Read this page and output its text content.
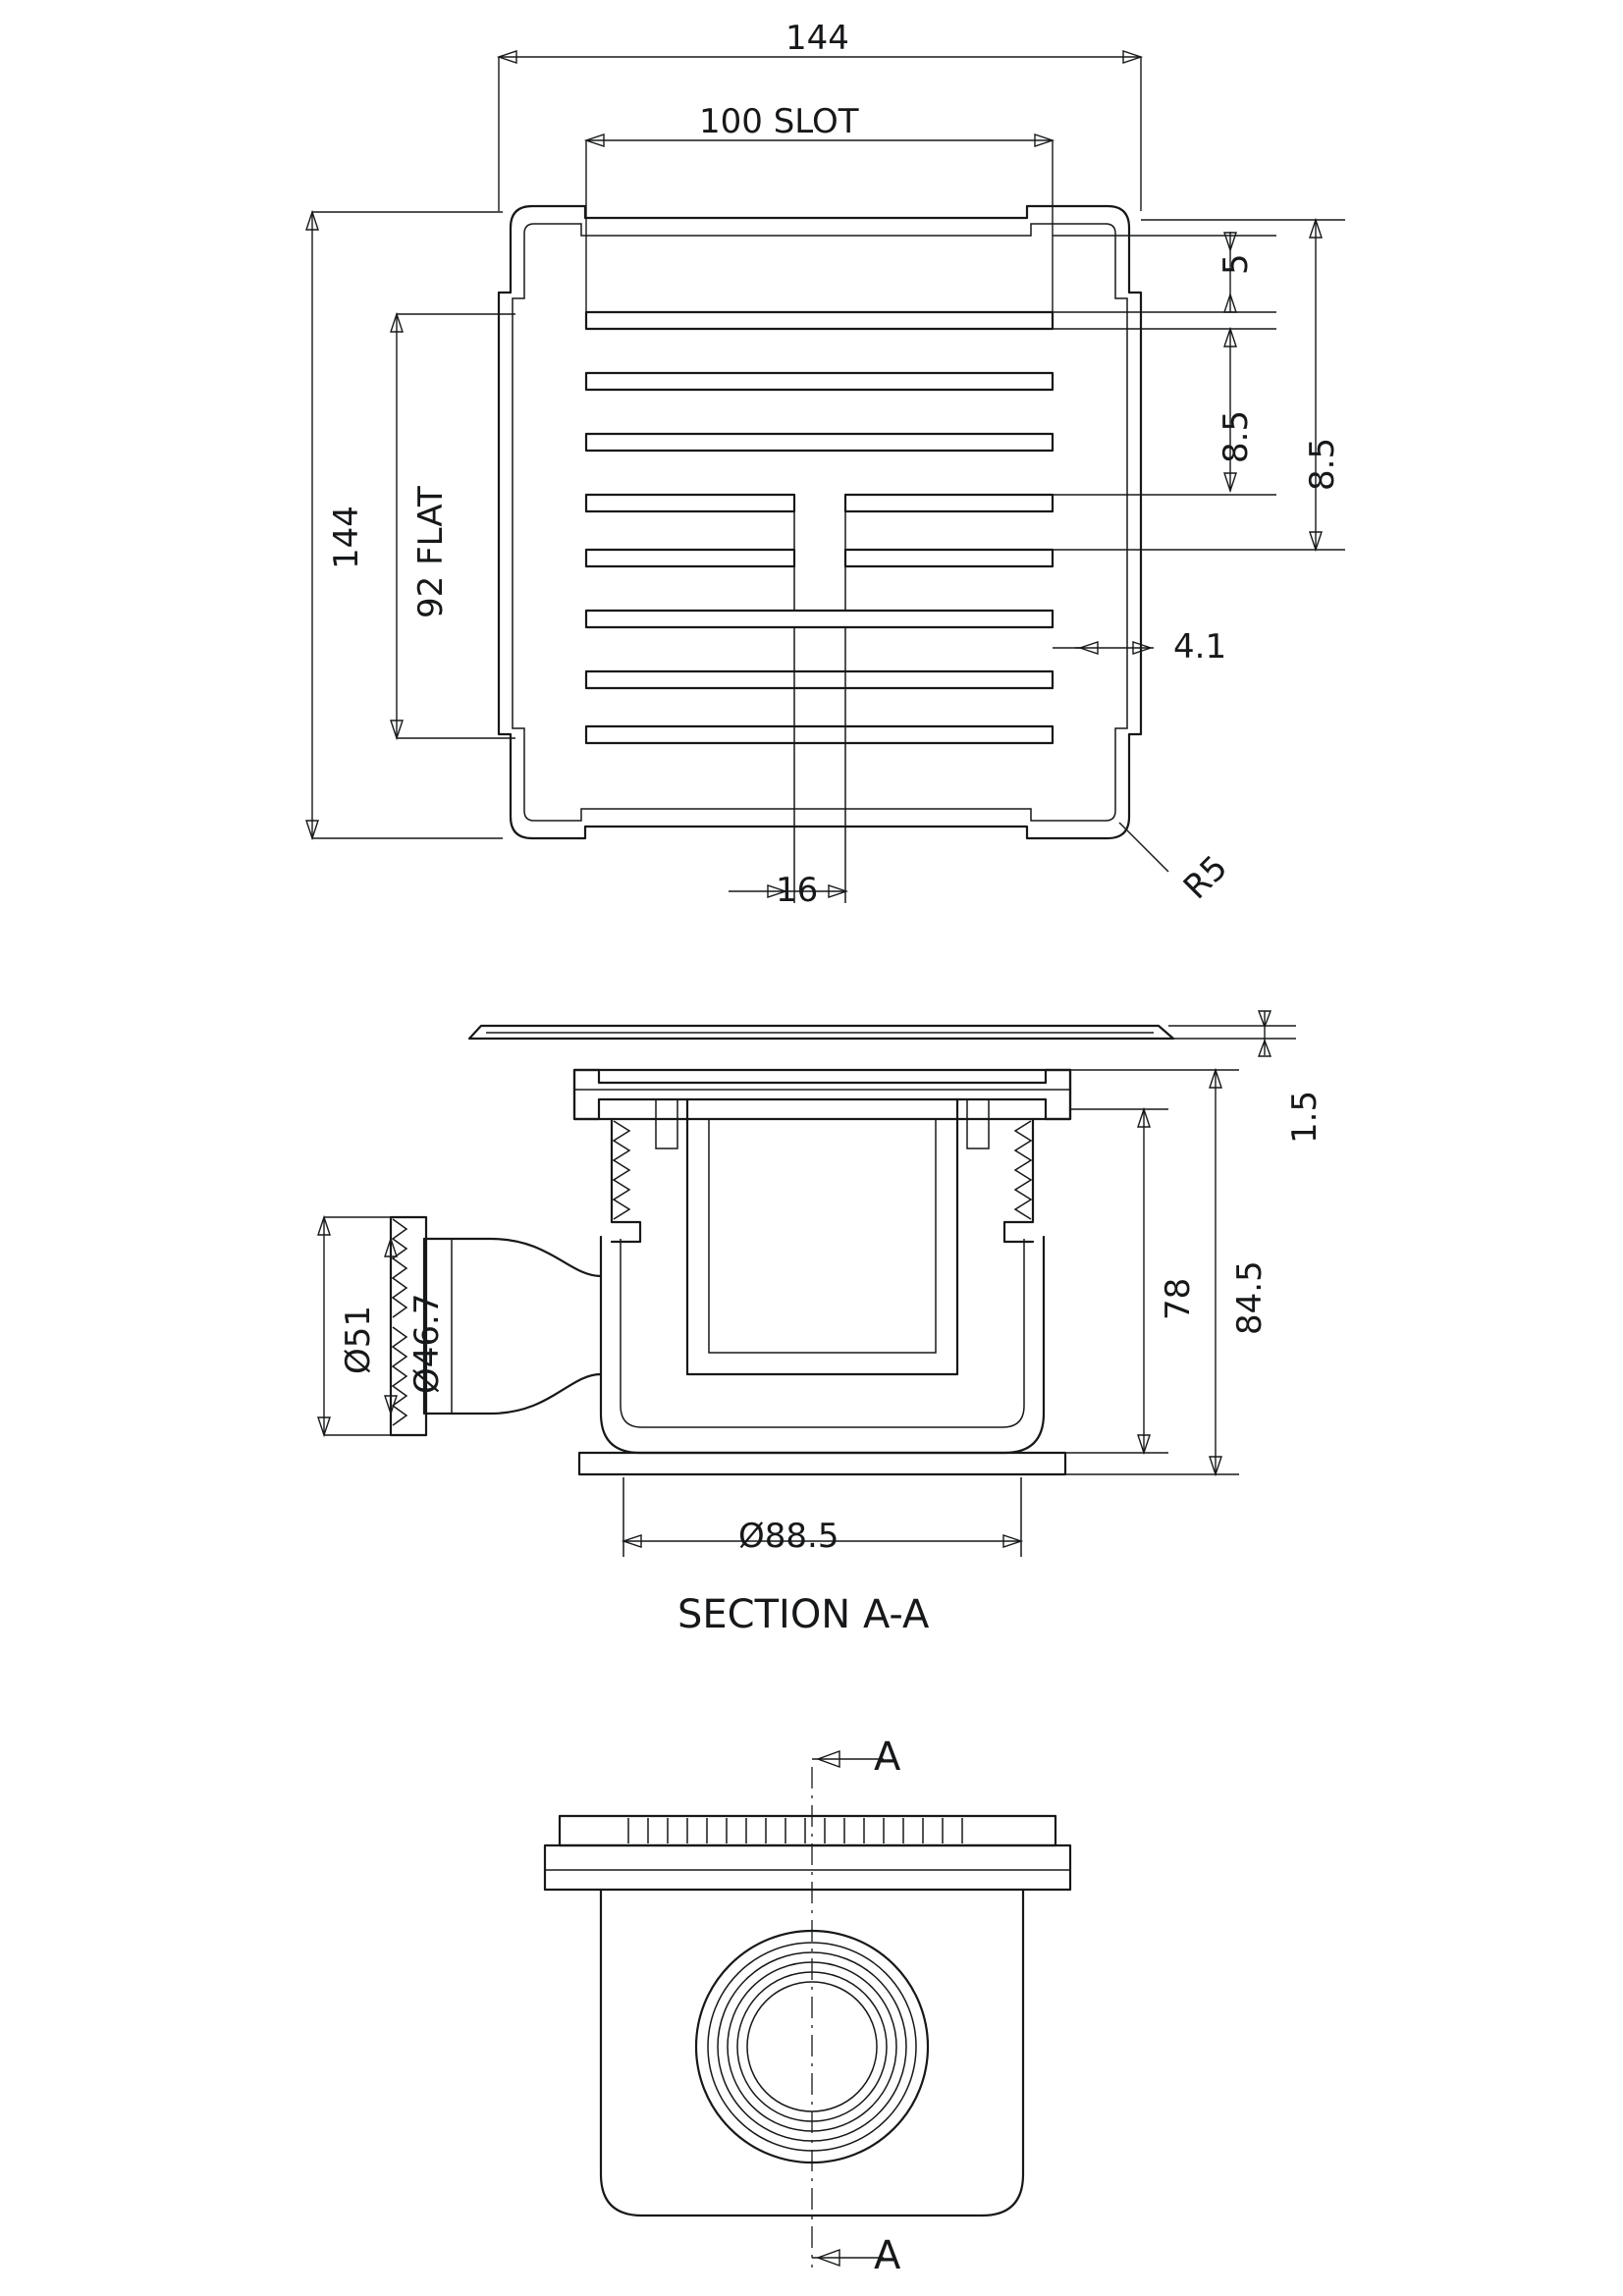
144
100 SLOT
144 92 FLAT
5
8.5
8.5
4.1
16	R5
1.5
Ø51 Ø46.7
Ø88.5
78 84.5
SECTION A-A
A
A
